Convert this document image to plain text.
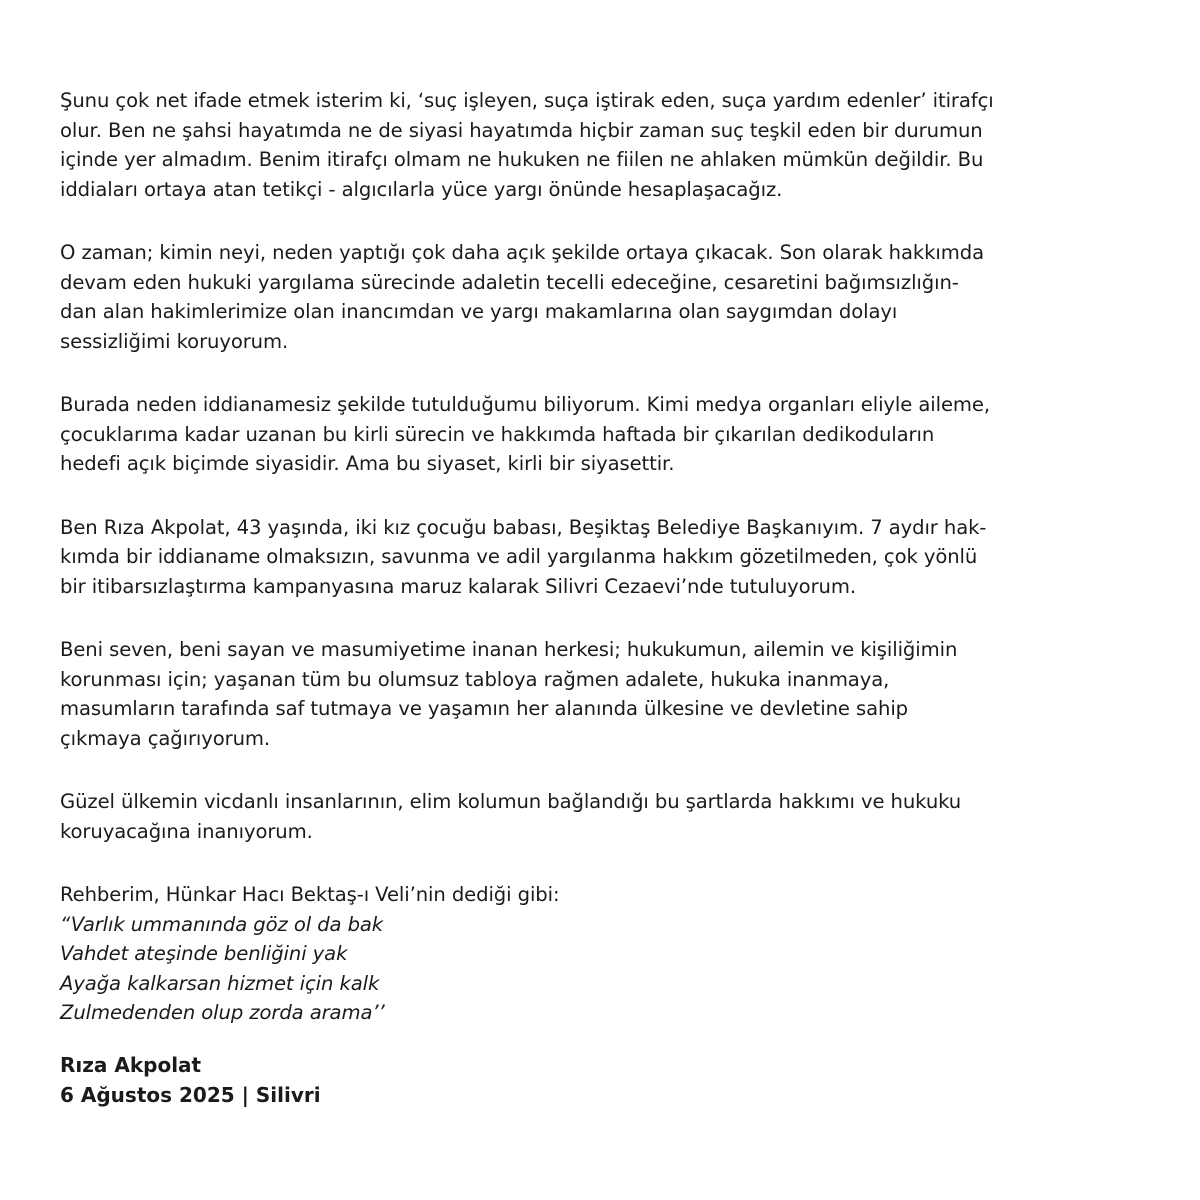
Şunu çok net ifade etmek isterim ki, ‘suç işleyen, suça iştirak eden, suça yardım edenler’ itirafçı
olur. Ben ne şahsi hayatımda ne de siyasi hayatımda hiçbir zaman suç teşkil eden bir durumun
içinde yer almadım. Benim itirafçı olmam ne hukuken ne fiilen ne ahlaken mümkün değildir. Bu
iddiaları ortaya atan tetikçi - algıcılarla yüce yargı önünde hesaplaşacağız.

O zaman; kimin neyi, neden yaptığı çok daha açık şekilde ortaya çıkacak. Son olarak hakkımda
devam eden hukuki yargılama sürecinde adaletin tecelli edeceğine, cesaretini bağımsızlığın-
dan alan hakimlerimize olan inancımdan ve yargı makamlarına olan saygımdan dolayı
sessizliğimi koruyorum.

Burada neden iddianamesiz şekilde tutulduğumu biliyorum. Kimi medya organları eliyle aileme,
çocuklarıma kadar uzanan bu kirli sürecin ve hakkımda haftada bir çıkarılan dedikoduların
hedefi açık biçimde siyasidir. Ama bu siyaset, kirli bir siyasettir.

Ben Rıza Akpolat, 43 yaşında, iki kız çocuğu babası, Beşiktaş Belediye Başkanıyım. 7 aydır hak-
kımda bir iddianame olmaksızın, savunma ve adil yargılanma hakkım gözetilmeden, çok yönlü
bir itibarsızlaştırma kampanyasına maruz kalarak Silivri Cezaevi’nde tutuluyorum.

Beni seven, beni sayan ve masumiyetime inanan herkesi; hukukumun, ailemin ve kişiliğimin
korunması için; yaşanan tüm bu olumsuz tabloya rağmen adalete, hukuka inanmaya,
masumların tarafında saf tutmaya ve yaşamın her alanında ülkesine ve devletine sahip
çıkmaya çağırıyorum.

Güzel ülkemin vicdanlı insanlarının, elim kolumun bağlandığı bu şartlarda hakkımı ve hukuku
koruyacağına inanıyorum.

Rehberim, Hünkar Hacı Bektaş-ı Veli’nin dediği gibi:
“Varlık ummanında göz ol da bak
Vahdet ateşinde benliğini yak
Ayağa kalkarsan hizmet için kalk
Zulmedenden olup zorda arama’’
Rıza Akpolat
6 Ağustos 2025 | Silivri
